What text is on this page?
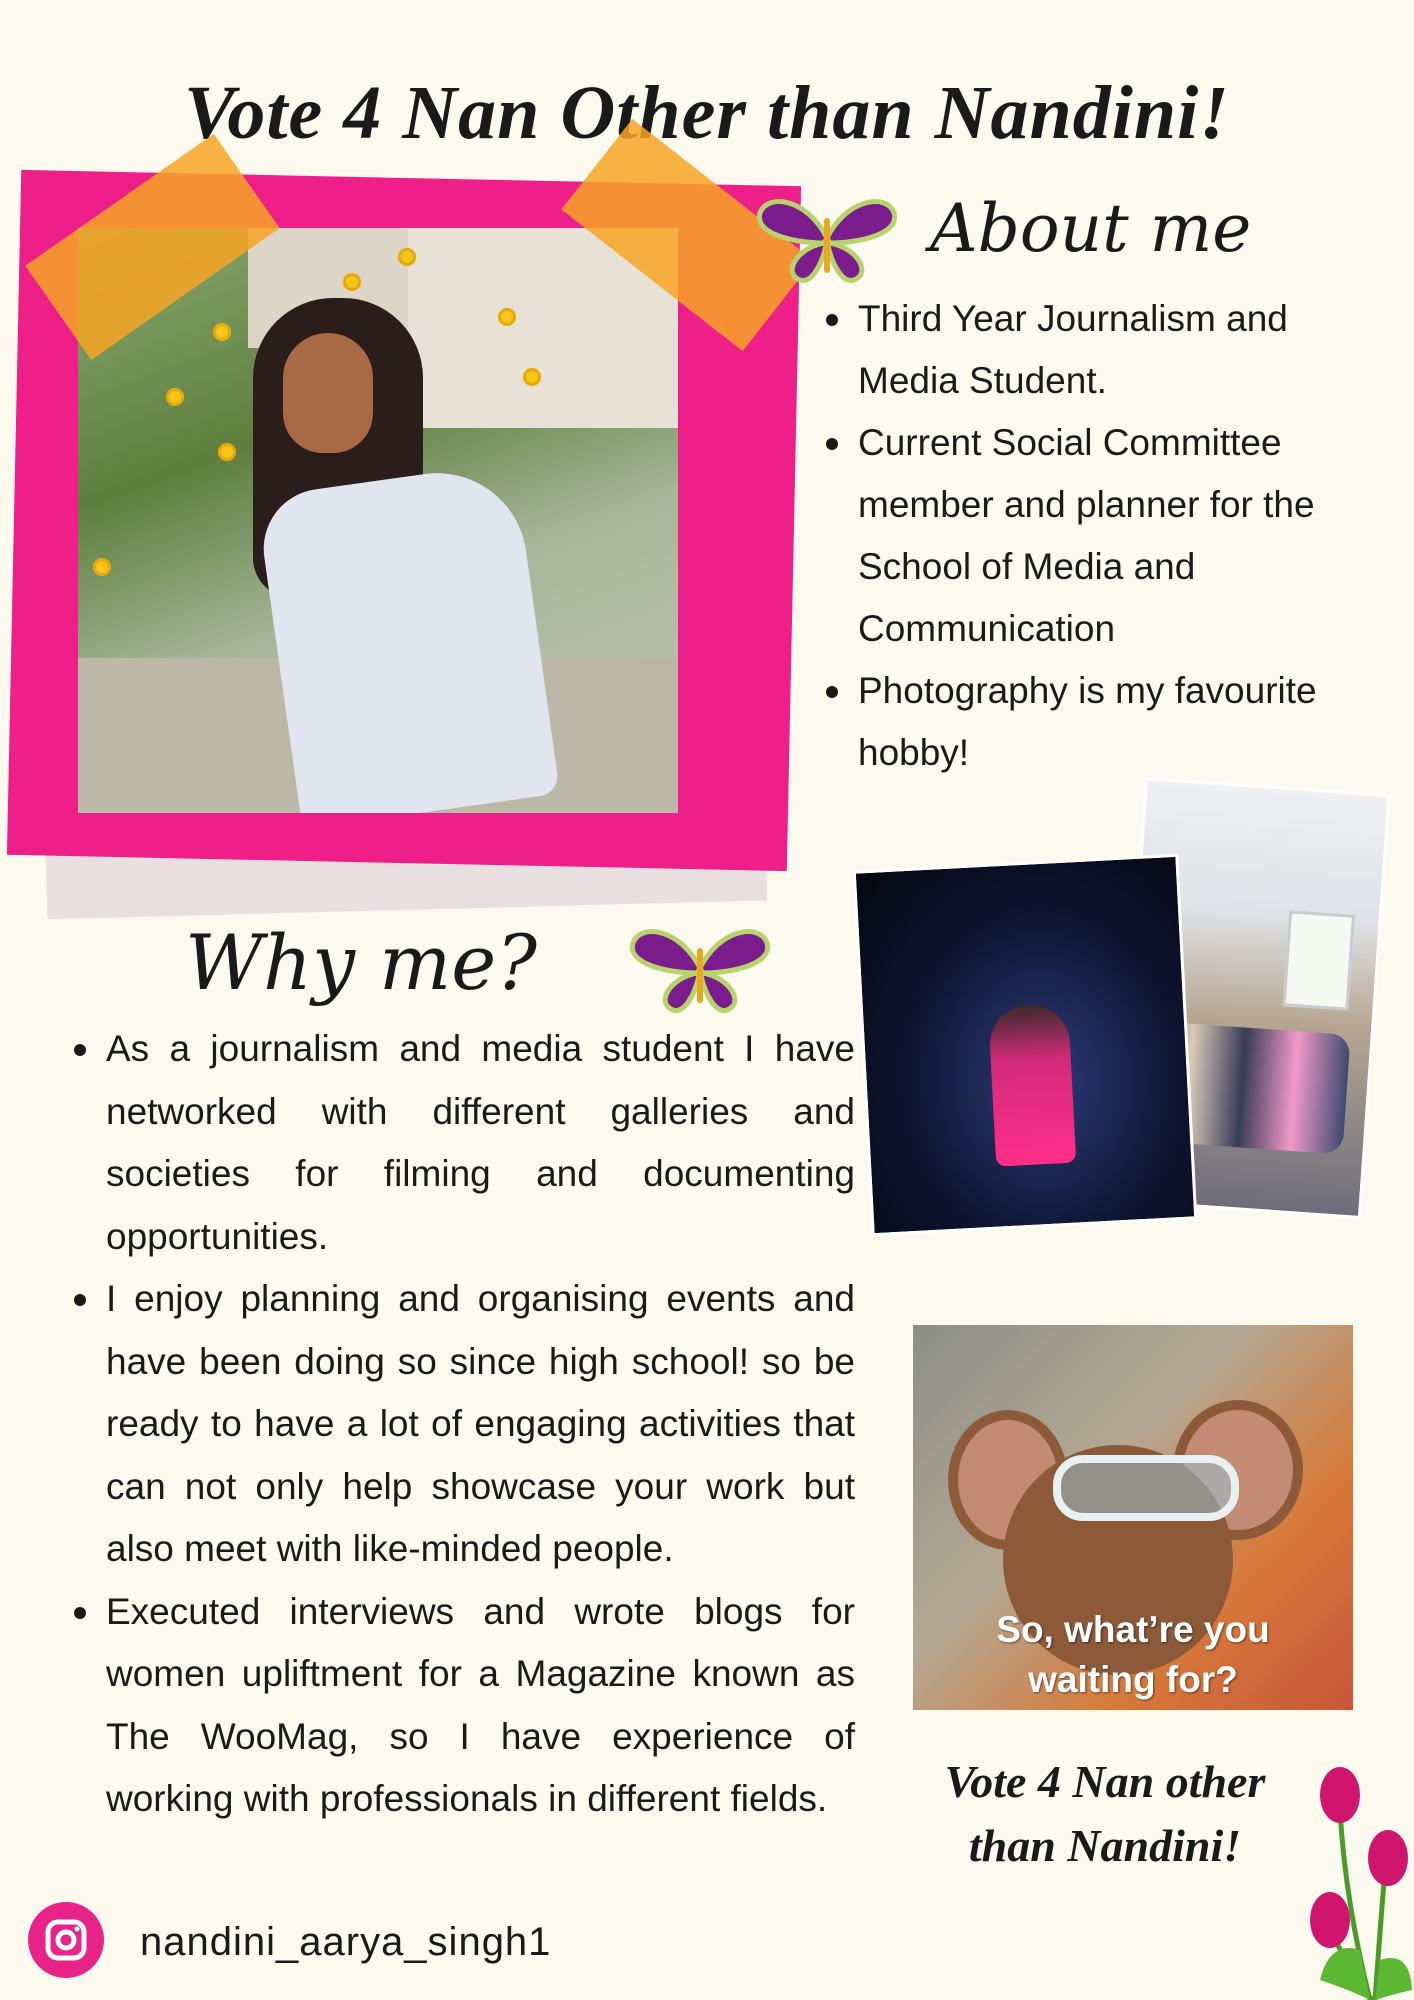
Vote 4 Nan Other than Nandini!
About me
Third Year Journalism and Media Student.
Current Social Committee member and planner for the School of Media and Communication
Photography is my favourite hobby!
Why me?
As a journalism and media student I have networked with different galleries and societies for filming and documenting opportunities.
I enjoy planning and organising events and have been doing so since high school! so be ready to have a lot of engaging activities that can not only help showcase your work but also meet with like-minded people.
Executed interviews and wrote blogs for women upliftment for a Magazine known as The WooMag, so I have experience of working with professionals in different fields.
So, what’re you
waiting for?
Vote 4 Nan other
than Nandini!
nandini_aarya_singh1
